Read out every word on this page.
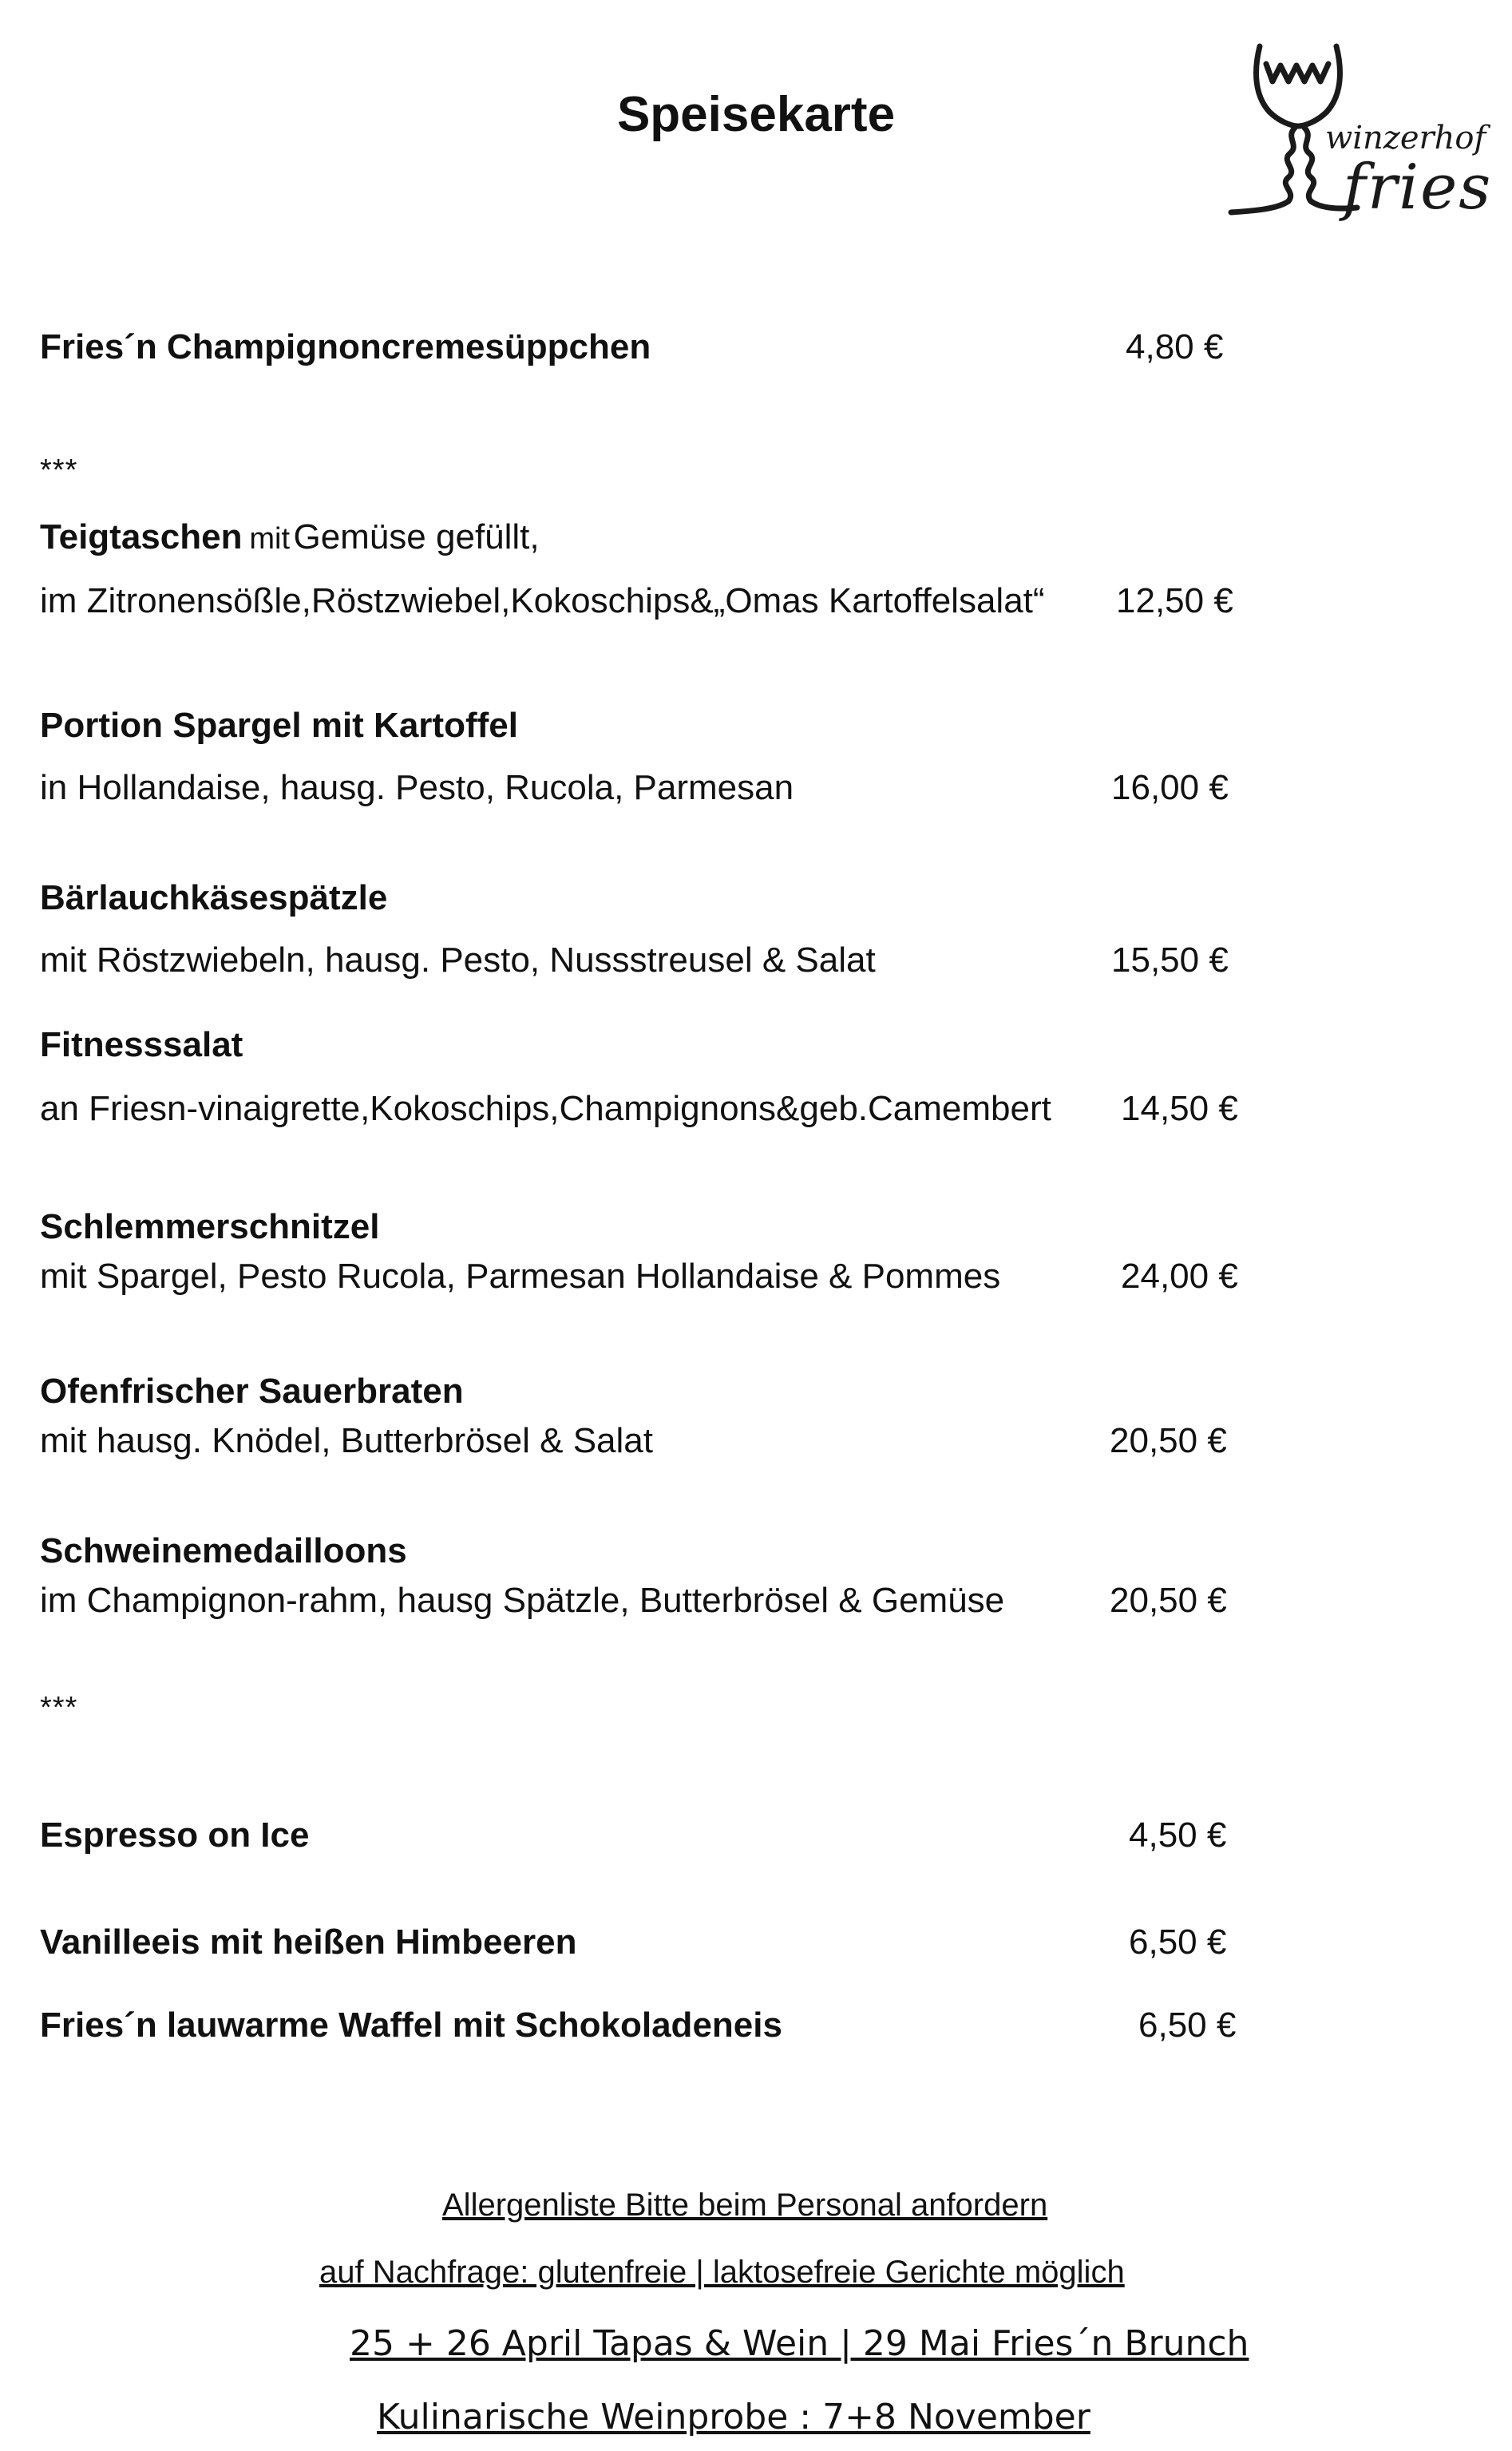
Speisekarte	winzerhof
fries
Fries´n Champignoncremesüppchen	4,80 €
***
Teigtaschen mit Gemüse gefüllt,
im Zitronensößle,Röstzwiebel,Kokoschips&„Omas Kartoffelsalat“ 12,50 €
Portion Spargel mit Kartoffel
in Hollandaise, hausg. Pesto, Rucola, Parmesan	16,00 €
Bärlauchkäsespätzle
mit Röstzwiebeln, hausg. Pesto, Nussstreusel & Salat	15,50 €
Fitnesssalat
an Friesn-vinaigrette,Kokoschips,Champignons&geb.Camembert 14,50 €
Schlemmerschnitzel
mit Spargel, Pesto Rucola, Parmesan Hollandaise & Pommes	24,00 €
Ofenfrischer Sauerbraten
mit hausg. Knödel, Butterbrösel & Salat	20,50 €
Schweinemedailloons
im Champignon-rahm, hausg Spätzle, Butterbrösel & Gemüse	20,50 €
***
Espresso on Ice	4,50 €
Vanilleeis mit heißen Himbeeren	6,50 €
Fries´n lauwarme Waffel mit Schokoladeneis	6,50 €
Allergenliste Bitte beim Personal anfordern
auf Nachfrage: glutenfreie | laktosefreie Gerichte möglich
25 + 26 April Tapas & Wein | 29 Mai Fries´n Brunch
Kulinarische Weinprobe : 7+8 November
